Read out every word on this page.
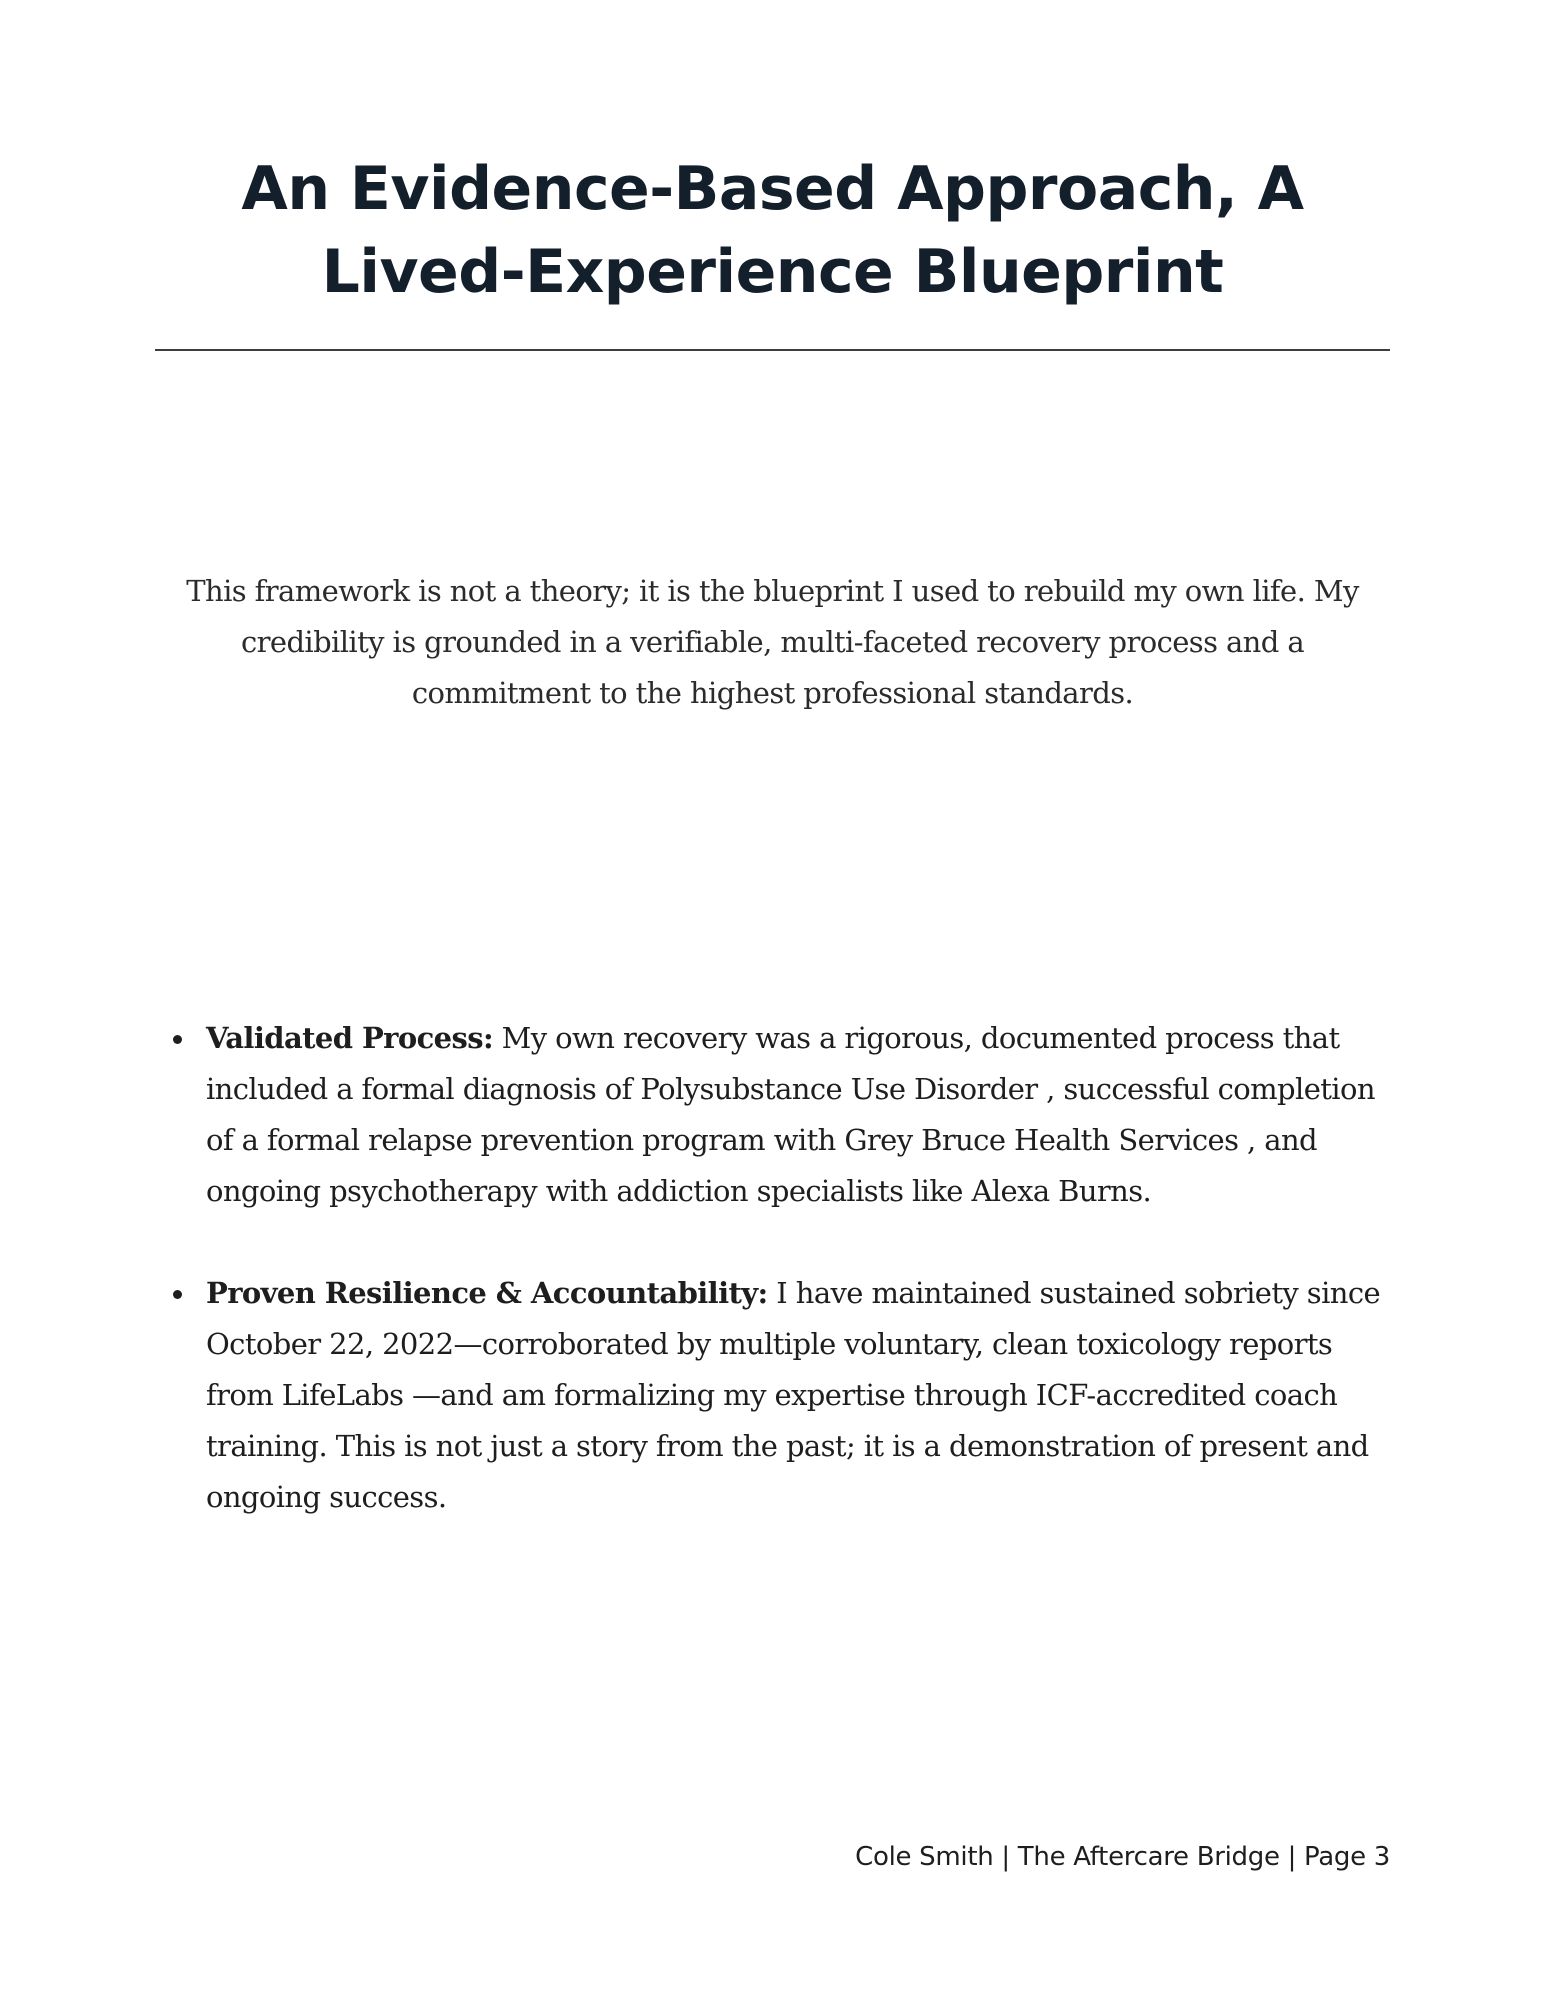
An Evidence-Based Approach, A Lived-Experience Blueprint

This framework is not a theory; it is the blueprint I used to rebuild my own life. My credibility is grounded in a verifiable, multi-faceted recovery process and a commitment to the highest professional standards.

Validated Process: My own recovery was a rigorous, documented process that included a formal diagnosis of Polysubstance Use Disorder , successful completion of a formal relapse prevention program with Grey Bruce Health Services , and ongoing psychotherapy with addiction specialists like Alexa Burns.
Proven Resilience & Accountability: I have maintained sustained sobriety since October 22, 2022—corroborated by multiple voluntary, clean toxicology reports from LifeLabs —and am formalizing my expertise through ICF-accredited coach training. This is not just a story from the past; it is a demonstration of present and ongoing success.

Cole Smith | The Aftercare Bridge | Page 3
